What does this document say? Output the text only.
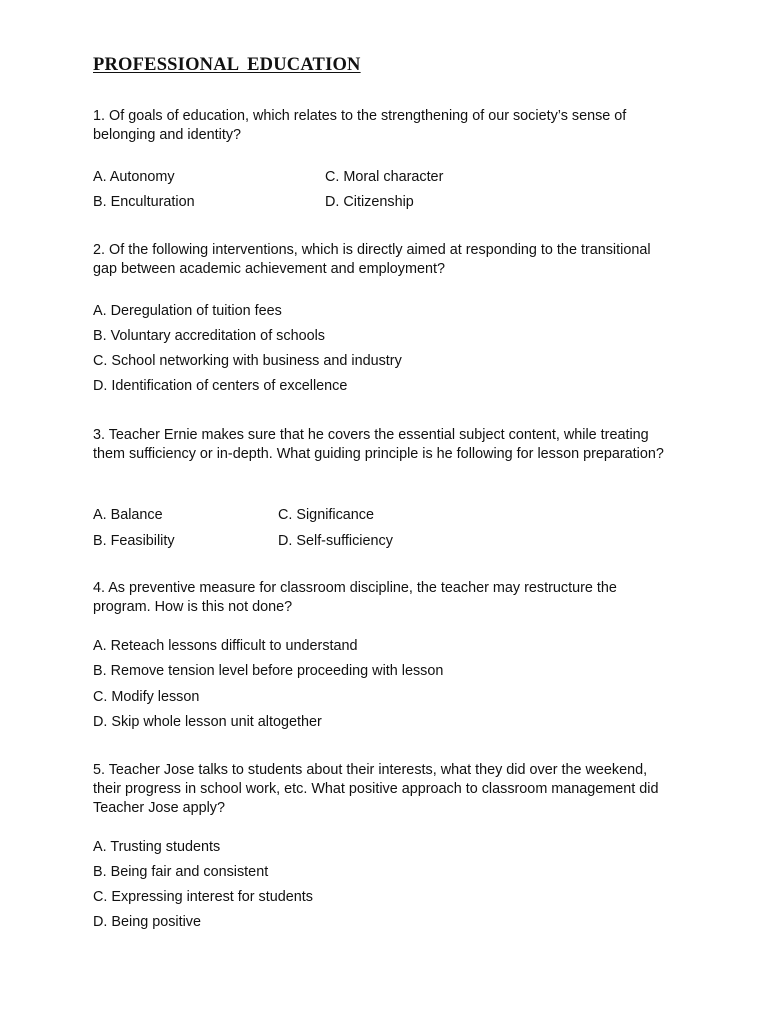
PROFESSIONAL EDUCATION
1. Of goals of education, which relates to the strengthening of our society’s sense of belonging and identity?
A. Autonomy
B. Enculturation
C. Moral character
D. Citizenship
2. Of the following interventions, which is directly aimed at responding to the transitional gap between academic achievement and employment?
A. Deregulation of tuition fees
B. Voluntary accreditation of schools
C. School networking with business and industry
D. Identification of centers of excellence
3. Teacher Ernie makes sure that he covers the essential subject content, while treating them sufficiency or in-depth. What guiding principle is he following for lesson preparation?
A. Balance
B. Feasibility
C. Significance
D. Self-sufficiency
4. As preventive measure for classroom discipline, the teacher may restructure the program. How is this not done?
A. Reteach lessons difficult to understand
B. Remove tension level before proceeding with lesson
C. Modify lesson
D. Skip whole lesson unit altogether
5. Teacher Jose talks to students about their interests, what they did over the weekend, their progress in school work, etc. What positive approach to classroom management did Teacher Jose apply?
A. Trusting students
B. Being fair and consistent
C. Expressing interest for students
D. Being positive
